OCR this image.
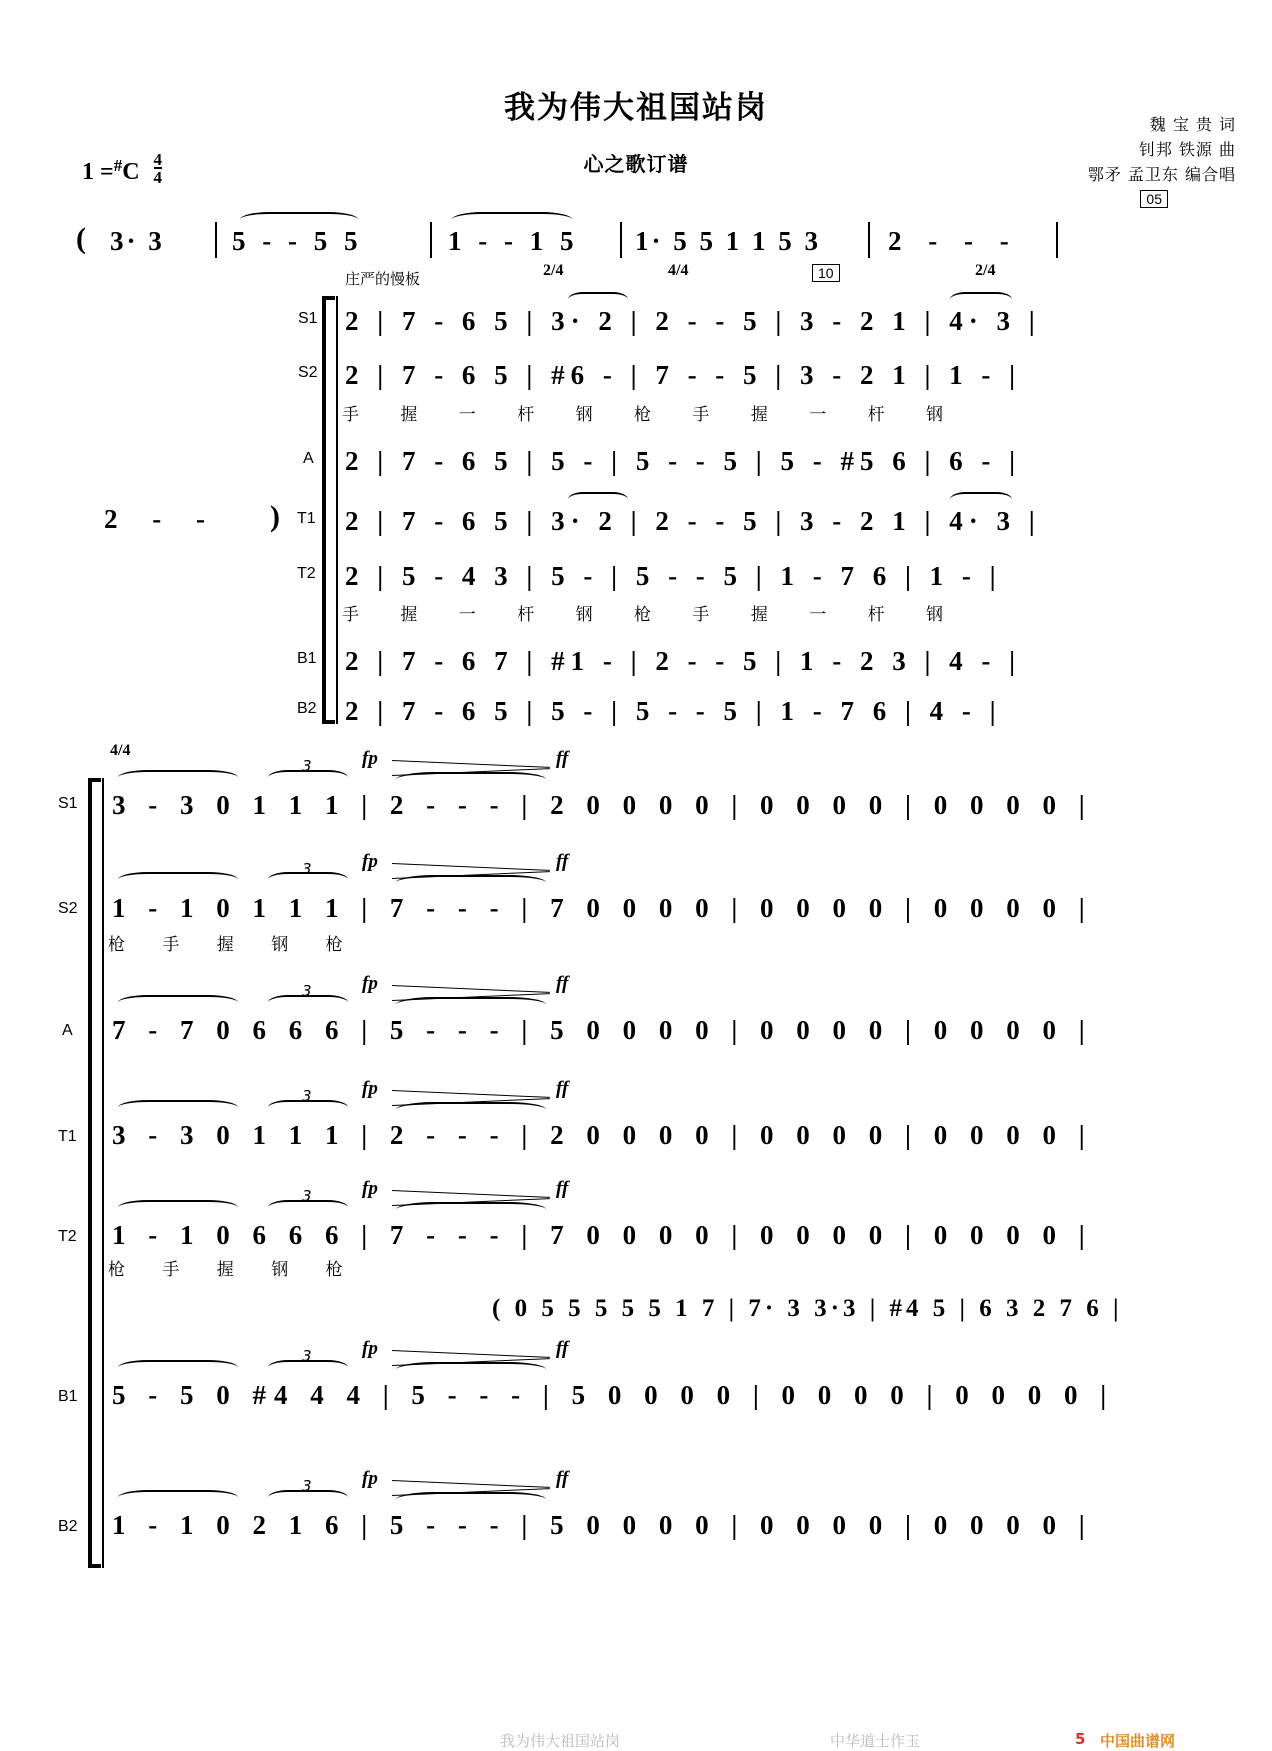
我为伟大祖国站岗
心之歌订谱
魏 宝 贵 词
钊邦 铁源 曲
鄂矛 孟卫东 编合唱
05
$1 =^{\#}C \frac{4}{4}$
( 3· 3 5 - - 5 5	1 - - 1 5 1· 5 5 1 1 5 3 2 - - -
2 - - )
庄严的慢板	2/4	4/4	10	2/4
S1 2 | 7 - 6 5 | 3· 2 | 2 - - 5 | 3 - 2 1 | 4· 3 |
S2 2 | 7 - 6 5 | #6 - | 7 - - 5 | 3 - 2 1 | 1 - |
手 握 一 杆 钢 枪 手 握 一 杆 钢
A 2 | 7 - 6 5 | 5 - | 5 - - 5 | 5 - #5 6 | 6 - |
T1 2 | 7 - 6 5 | 3· 2 | 2 - - 5 | 3 - 2 1 | 4· 3 |
T2 2 | 5 - 4 3 | 5 - | 5 - - 5 | 1 - 7 6 | 1 - |
手 握 一 杆 钢 枪 手 握 一 杆 钢
B1 2 | 7 - 6 7 | #1 - | 2 - - 5 | 1 - 2 3 | 4 - |
B2 2 | 7 - 6 5 | 5 - | 5 - - 5 | 1 - 7 6 | 4 - |
4/4
S1 3 - 3 0 1 1 1 | 2 - - - | 2 0 0 0 0 | 0 0 0 0 | 0 0 0 0 |
3	fp	ff
S2 1 - 1 0 1 1 1 | 7 - - - | 7 0 0 0 0 | 0 0 0 0 | 0 0 0 0 |
枪 手 握 钢 枪
3	fp	ff
A 7 - 7 0 6 6 6 | 5 - - - | 5 0 0 0 0 | 0 0 0 0 | 0 0 0 0 |
3	fp	ff
T1 3 - 3 0 1 1 1 | 2 - - - | 2 0 0 0 0 | 0 0 0 0 | 0 0 0 0 |
3	fp	ff
T2 1 - 1 0 6 6 6 | 7 - - - | 7 0 0 0 0 | 0 0 0 0 | 0 0 0 0 |
枪 手 握 钢 枪
3	fp	ff
( 0 5 5 5 5 5 1 7 | 7· 3 3·3 | #4 5 | 6 3 2 7 6 |
B1 5 - 5 0 #4 4 4 | 5 - - - | 5 0 0 0 0 | 0 0 0 0 | 0 0 0 0 |
3	fp	ff
B2 1 - 1 0 2 1 6 | 5 - - - | 5 0 0 0 0 | 0 0 0 0 | 0 0 0 0 |
3	fp	ff
我为伟大祖国站岗	中华道士作玉	5 中国曲谱网
